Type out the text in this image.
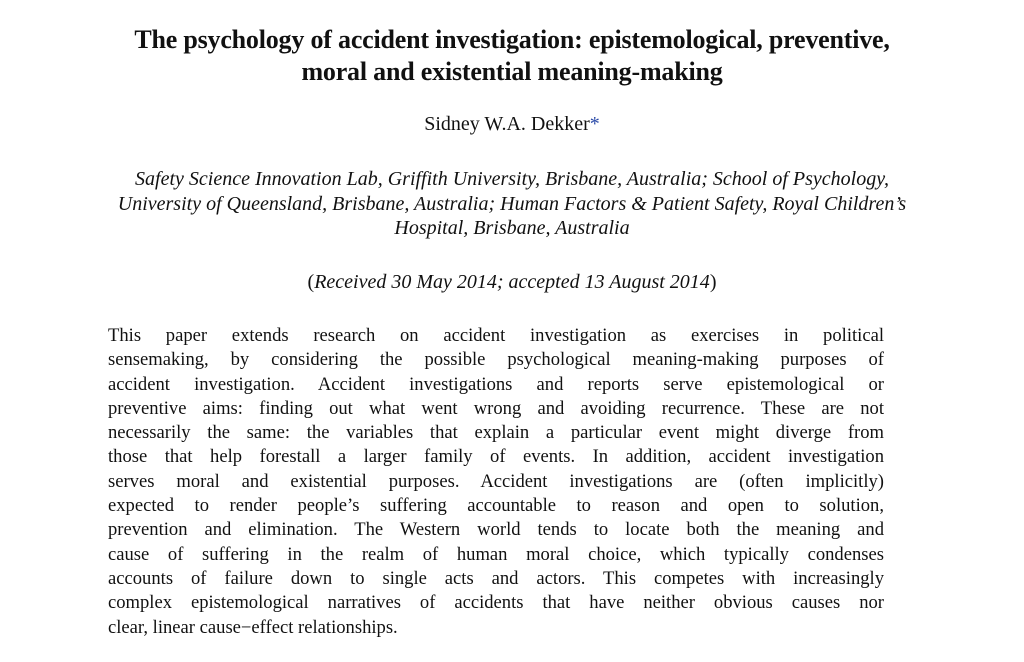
The psychology of accident investigation: epistemological, preventive,
moral and existential meaning-making
Sidney W.A. Dekker*
Safety Science Innovation Lab, Griffith University, Brisbane, Australia; School of Psychology,
University of Queensland, Brisbane, Australia; Human Factors & Patient Safety, Royal Children’s
Hospital, Brisbane, Australia
(Received 30 May 2014; accepted 13 August 2014)
This paper extends research on accident investigation as exercises in political
sensemaking, by considering the possible psychological meaning-making purposes of
accident investigation. Accident investigations and reports serve epistemological or
preventive aims: finding out what went wrong and avoiding recurrence. These are not
necessarily the same: the variables that explain a particular event might diverge from
those that help forestall a larger family of events. In addition, accident investigation
serves moral and existential purposes. Accident investigations are (often implicitly)
expected to render people’s suffering accountable to reason and open to solution,
prevention and elimination. The Western world tends to locate both the meaning and
cause of suffering in the realm of human moral choice, which typically condenses
accounts of failure down to single acts and actors. This competes with increasingly
complex epistemological narratives of accidents that have neither obvious causes nor
clear, linear cause−effect relationships.
